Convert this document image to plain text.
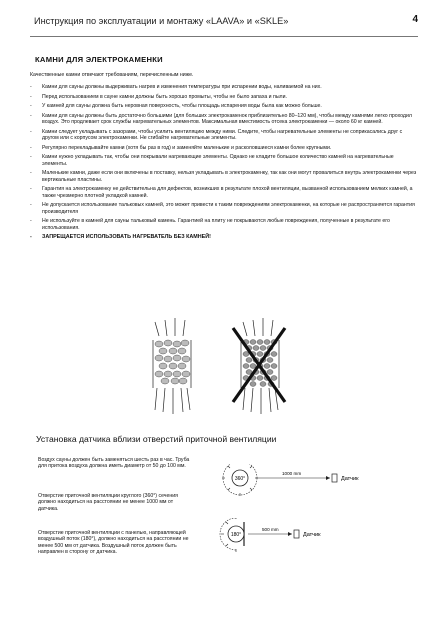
Инструкция по эксплуатации и монтажу «LAAVA» и «SKLE»	4
КАМНИ ДЛЯ ЭЛЕКТРОКАМЕНКИ
Качественные камни отвечают требованиям, перечисленным ниже.
- Камни для сауны должны выдерживать нагрев и изменения температуры при испарении воды, наливаемой на них.
- Перед использованием в сауне камни должны быть хорошо промыты, чтобы не было запаха и пыли.
- У камней для сауны должна быть неровная поверхность, чтобы площадь испарения воды была как можно больше.
- Камни для сауны должны быть достаточно большими (для больших электрокаменок приблизительно 80–120 мм), чтобы между камнями легко проходил воздух. Это продлевает срок службы нагревательных элементов. Максимальная вместимость отсека электрокаменки — около 60 кг камней.
- Камни следует укладывать с зазорами, чтобы усилить вентиляцию между ними. Следите, чтобы нагревательные элементы не соприкасались друг с другом или с корпусом электрокаменки. Не сгибайте нагревательные элементы.
- Регулярно перекладывайте камни (хотя бы раз в год) и заменяйте маленькие и расколовшиеся камни более крупными.
- Камни нужно укладывать так, чтобы они покрывали нагревающие элементы. Однако не кладите большое количество камней на нагревательные элементы.
- Маленькие камни, даже если они включены в поставку, нельзя укладывать в электрокаменку, так как они могут провалиться внутрь электрокаменки через вертикальные пластины.
- Гарантия на электрокаменку не действительна для дефектов, возникших в результате плохой вентиляции, вызванной использованием мелких камней, а также чрезмерно плотной укладкой камней.
- Не допускается использование тальковых камней, это может привести к таким повреждениям электрокаменки, на которые не распространяется гарантия производителя
- Не используйте в камней для сауны тальковый камень. Гарантией на плиту не покрываются любые повреждения, полученные в результате его использования.
- ЗАПРЕЩАЕТСЯ ИСПОЛЬЗОВАТЬ НАГРЕВАТЕЛЬ БЕЗ КАМНЕЙ!
Установка датчика вблизи отверстий приточной вентиляции
Воздух сауны должен быть заменяться шесть раз в час. Труба для притока воздуха должна иметь диаметр от 50 до 100 мм.
Отверстие приточной вентиляции круглого (360°) сечения должно находиться на расстоянии не менее 1000 мм от датчика.
Отверстие приточной вентиляции с панелью, направляющей воздушный поток (180°), должно находиться на расстоянии не менее 500 мм от датчика. Воздушный поток должен быть направлен в сторону от датчика.
360°
1000 mm
Датчик
180°
500 mm
Датчик
